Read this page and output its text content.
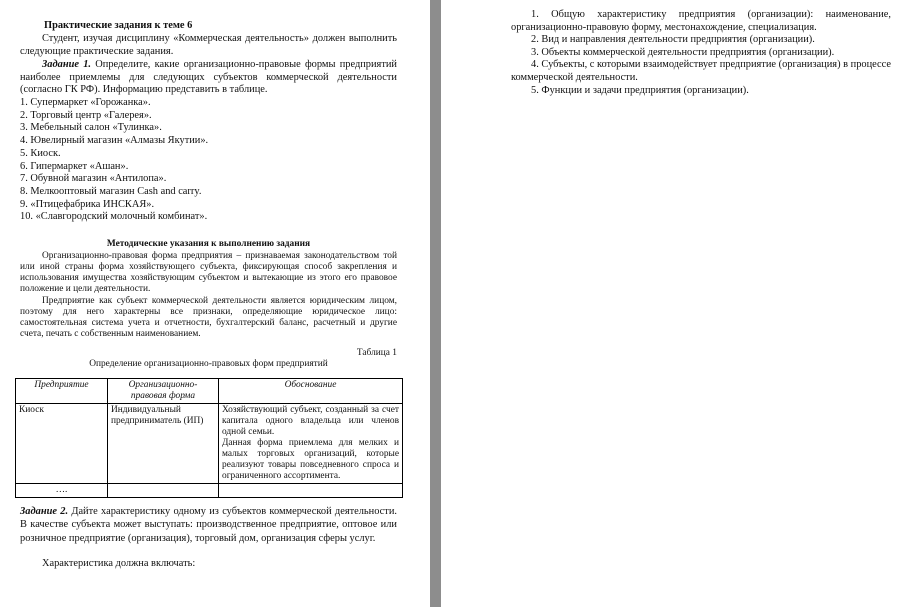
Практические задания к теме 6
Студент, изучая дисциплину «Коммерческая деятельность» должен выполнить следующие практические задания.
Задание 1. Определите, какие организационно-правовые формы предприятий наиболее приемлемы для следующих субъектов коммерческой деятельности (согласно ГК РФ). Информацию представить в таблице.
1. Супермаркет «Горожанка».
2. Торговый центр «Галерея».
3. Мебельный салон «Тулинка».
4. Ювелирный магазин «Алмазы Якутии».
5. Киоск.
6. Гипермаркет «Ашан».
7. Обувной магазин «Антилопа».
8. Мелкооптовый магазин Cash and carry.
9. «Птицефабрика ИНСКАЯ».
10. «Славгородский молочный комбинат».
Методические указания к выполнению задания
Организационно-правовая форма предприятия – признаваемая законодательством той или иной страны форма хозяйствующего субъекта, фиксирующая способ закрепления и использования имущества хозяйствующим субъектом и вытекающие из этого его правовое положение и цели деятельности.
Предприятие как субъект коммерческой деятельности является юридическим лицом, поэтому для него характерны все признаки, определяющие юридическое лицо: самостоятельная система учета и отчетности, бухгалтерский баланс, расчетный и другие счета, печать с собственным наименованием.
Таблица 1
Определение организационно-правовых форм предприятий
Предприятие	Организационно-правовая форма	Обоснование
Киоск	Индивидуальный предприниматель (ИП)	Хозяйствующий субъект, созданный за счет капитала одного владельца или членов одной семьи.
Данная форма приемлема для мелких и малых торговых организаций, которые реализуют товары повседневного спроса и ограниченного ассортимента.

….		
Задание 2. Дайте характеристику одному из субъектов коммерческой деятельности. В качестве субъекта может выступать: производственное предприятие, оптовое или розничное предприятие (организация), торговый дом, организация сферы услуг.
Характеристика должна включать:
1. Общую характеристику предприятия (организации): наименование, организационно-правовую форму, местонахождение, специализация.
2. Вид и направления деятельности предприятия (организации).
3. Объекты коммерческой деятельности предприятия (организации).
4. Субъекты, с которыми взаимодействует предприятие (организация) в процессе коммерческой деятельности.
5. Функции и задачи предприятия (организации).
